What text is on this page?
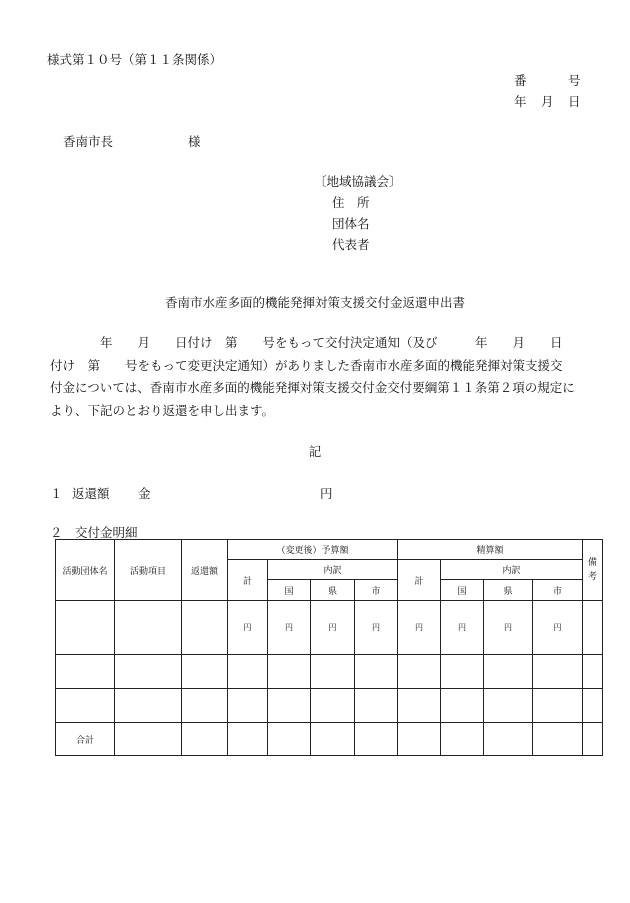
様式第１０号（第１１条関係）
番	号
年 月 日
香南市長	様
〔地域協議会〕
住　所
団体名
代表者
香南市水産多面的機能発揮対策支援交付金返還申出書

　　　　年　　月　　日付け　第　　号をもって交付決定通知（及び　　　年　　月　　日

付け　第　　号をもって変更決定通知）がありました香南市水産多面的機能発揮対策支援交

付金については、香南市水産多面的機能発揮対策支援交付金交付要綱第１１条第２項の規定に

より、下記のとおり返還を申し出ます。

記
１ 返還額 金	円
２　交付金明細
活動団体名	活動項目	返還額	（変更後）予算額				精算額				備
考
			計	内訳			計	内訳			
				国	県	市		国	県	市	
			円	円	円	円	円	円	円	円	

合計											
